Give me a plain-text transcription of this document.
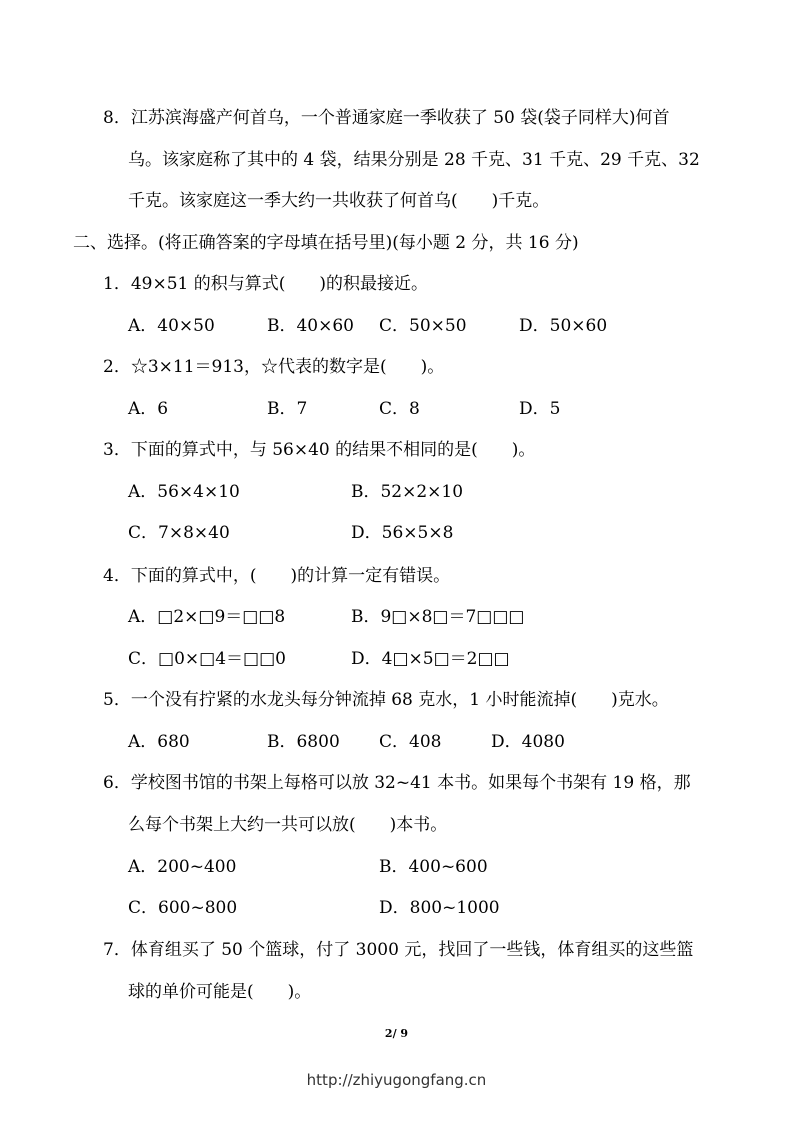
8．江苏滨海盛产何首乌，一个普通家庭一季收获了 50 袋(袋子同样大)何首
乌。该家庭称了其中的 4 袋，结果分别是 28 千克、31 千克、29 千克、32
千克。该家庭这一季大约一共收获了何首乌(　　)千克。
二、选择。(将正确答案的字母填在括号里)(每小题 2 分，共 16 分)
1．49×51 的积与算式(　　)的积最接近。
A．40×50	B．40×60 C．50×50	D．50×60
2．☆3×11＝913，☆代表的数字是(　　)。
A．6	B．7	C．8	D．5
3．下面的算式中，与 56×40 的结果不相同的是(　　)。
A．56×4×10	B．52×2×10
C．7×8×40	D．56×5×8
4．下面的算式中，(　　)的计算一定有错误。
A．□2×□9＝□□8	B．9□×8□＝7□□□
C．□0×□4＝□□0	D．4□×5□＝2□□
5．一个没有拧紧的水龙头每分钟流掉 68 克水，1 小时能流掉(　　)克水。
A．680	B．6800 C．408	D．4080
6．学校图书馆的书架上每格可以放 32~41 本书。如果每个书架有 19 格，那
么每个书架上大约一共可以放(　　)本书。
A．200~400	B．400~600
C．600~800	D．800~1000
7．体育组买了 50 个篮球，付了 3000 元，找回了一些钱，体育组买的这些篮
球的单价可能是(　　)。
2/ 9
http://zhiyugongfang.cn
